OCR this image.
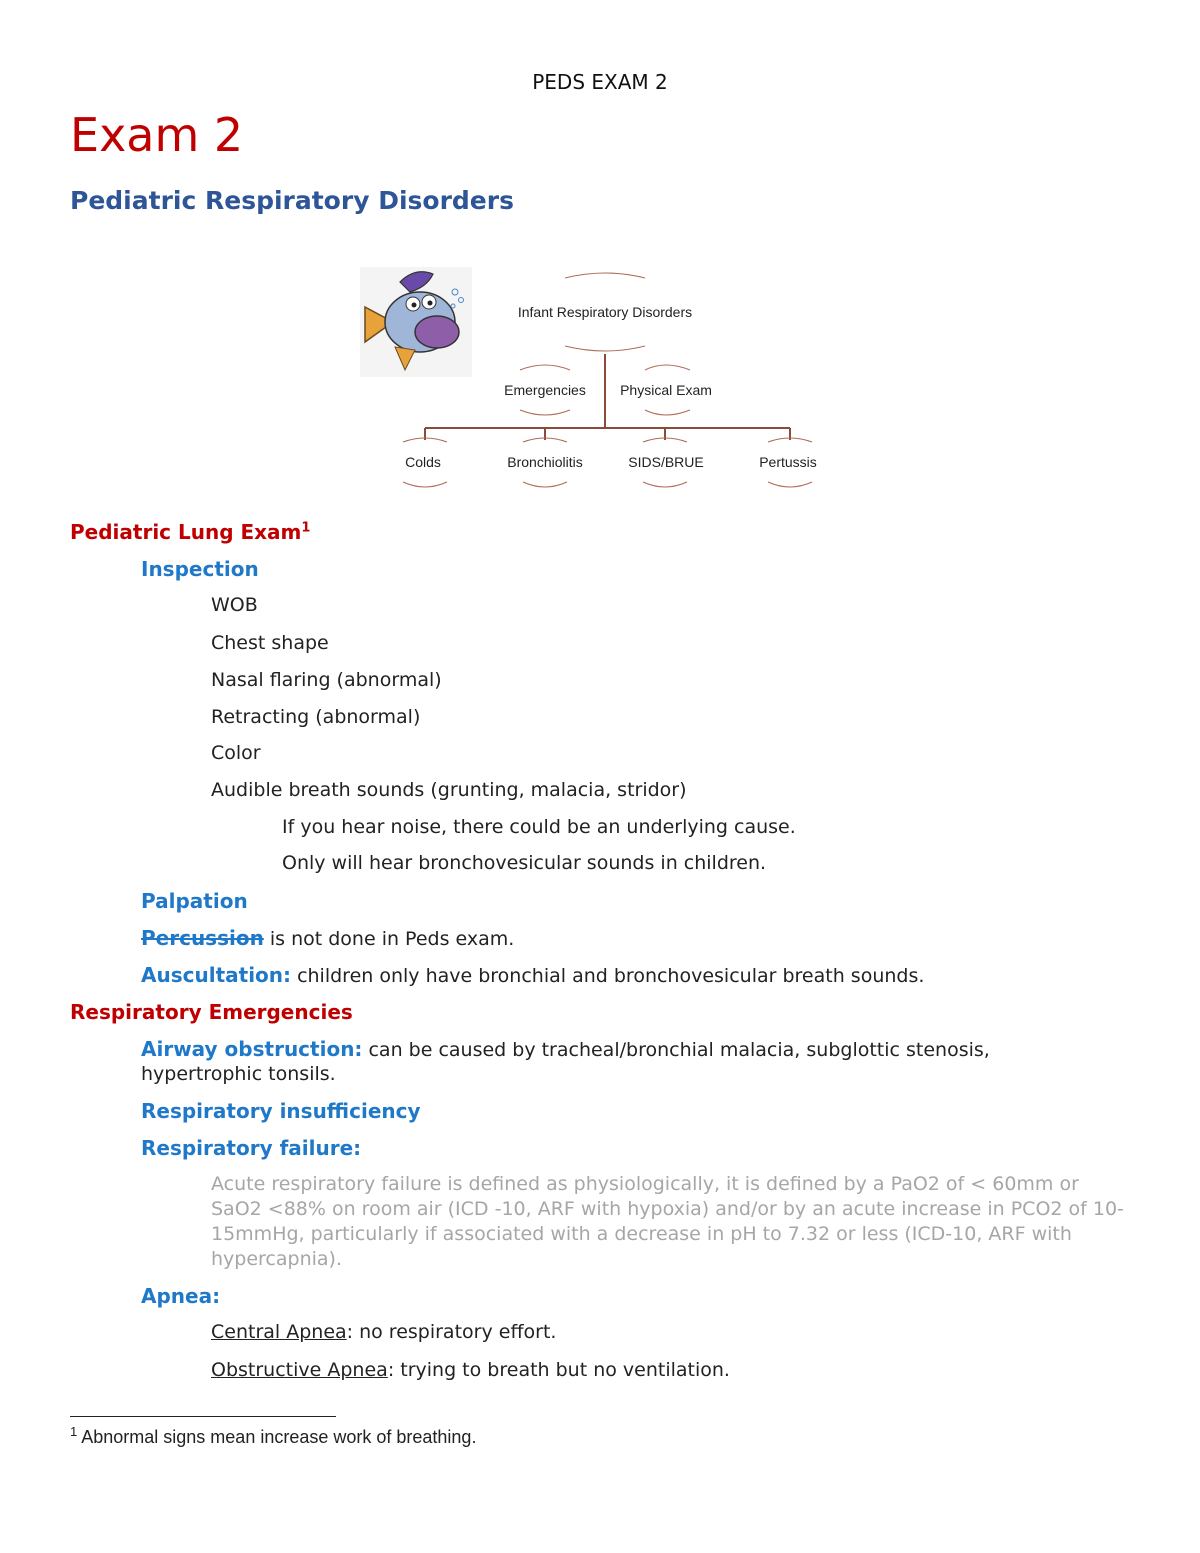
PEDS EXAM 2
Exam 2
Pediatric Respiratory Disorders
Infant Respiratory Disorders
Emergencies Physical Exam
Colds	Bronchiolitis	SIDS/BRUE	Pertussis
Pediatric Lung Exam$^1$
Inspection
WOB
Chest shape
Nasal flaring (abnormal)
Retracting (abnormal)
Color
Audible breath sounds (grunting, malacia, stridor)
If you hear noise, there could be an underlying cause.
Only will hear bronchovesicular sounds in children.
Palpation
Percussion is not done in Peds exam.
Auscultation: children only have bronchial and bronchovesicular breath sounds.
Respiratory Emergencies
Airway obstruction: can be caused by tracheal/bronchial malacia, subglottic stenosis,
hypertrophic tonsils.
Respiratory insufficiency
Respiratory failure:
Acute respiratory failure is defined as physiologically, it is defined by a PaO2 of < 60mm or SaO2 <88% on room air (ICD -10, ARF with hypoxia) and/or by an acute increase in PCO2 of 10-15mmHg, particularly if associated with a decrease in pH to 7.32 or less (ICD-10, ARF with hypercapnia).
Apnea:
Central Apnea: no respiratory effort.
Obstructive Apnea: trying to breath but no ventilation.
$^1$ Abnormal signs mean increase work of breathing.
